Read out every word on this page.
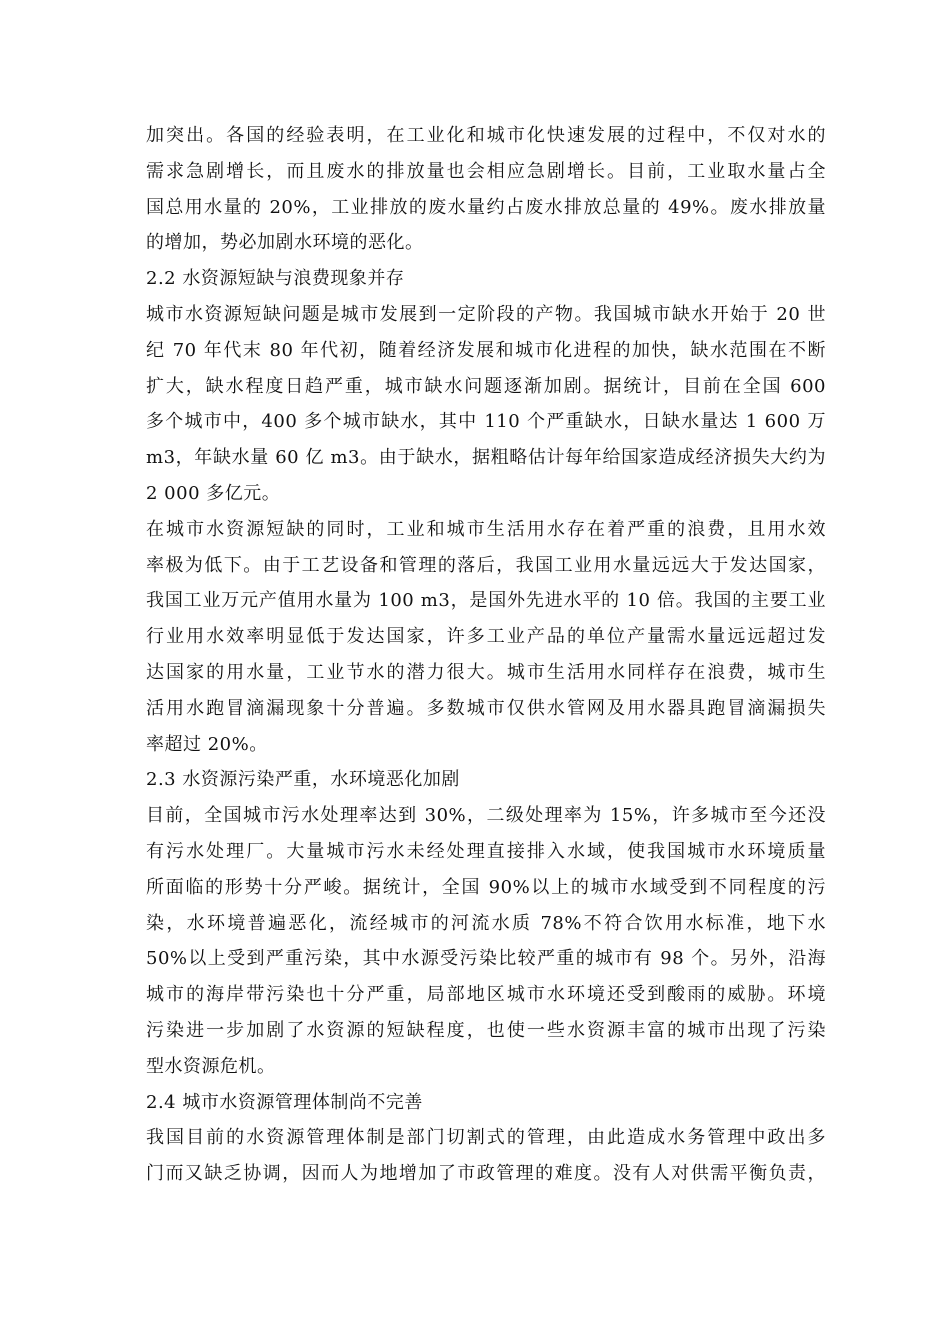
加突出。各国的经验表明，在工业化和城市化快速发展的过程中，不仅对水的
需求急剧增长，而且废水的排放量也会相应急剧增长。目前，工业取水量占全
国总用水量的 20%，工业排放的废水量约占废水排放总量的 49%。废水排放量
的增加，势必加剧水环境的恶化。
2.2 水资源短缺与浪费现象并存
城市水资源短缺问题是城市发展到一定阶段的产物。我国城市缺水开始于 20 世
纪 70 年代末 80 年代初，随着经济发展和城市化进程的加快，缺水范围在不断
扩大，缺水程度日趋严重，城市缺水问题逐渐加剧。据统计，目前在全国 600
多个城市中，400 多个城市缺水，其中 110 个严重缺水，日缺水量达 1 600 万
m3，年缺水量 60 亿 m3。由于缺水，据粗略估计每年给国家造成经济损失大约为
2 000 多亿元。
在城市水资源短缺的同时，工业和城市生活用水存在着严重的浪费，且用水效
率极为低下。由于工艺设备和管理的落后，我国工业用水量远远大于发达国家，
我国工业万元产值用水量为 100 m3，是国外先进水平的 10 倍。我国的主要工业
行业用水效率明显低于发达国家，许多工业产品的单位产量需水量远远超过发
达国家的用水量，工业节水的潜力很大。城市生活用水同样存在浪费，城市生
活用水跑冒滴漏现象十分普遍。多数城市仅供水管网及用水器具跑冒滴漏损失
率超过 20%。
2.3 水资源污染严重，水环境恶化加剧
目前，全国城市污水处理率达到 30%，二级处理率为 15%，许多城市至今还没
有污水处理厂。大量城市污水未经处理直接排入水域，使我国城市水环境质量
所面临的形势十分严峻。据统计，全国 90%以上的城市水域受到不同程度的污
染，水环境普遍恶化，流经城市的河流水质 78%不符合饮用水标准，地下水
50%以上受到严重污染，其中水源受污染比较严重的城市有 98 个。另外，沿海
城市的海岸带污染也十分严重，局部地区城市水环境还受到酸雨的威胁。环境
污染进一步加剧了水资源的短缺程度，也使一些水资源丰富的城市出现了污染
型水资源危机。
2.4 城市水资源管理体制尚不完善
我国目前的水资源管理体制是部门切割式的管理，由此造成水务管理中政出多
门而又缺乏协调，因而人为地增加了市政管理的难度。没有人对供需平衡负责，
